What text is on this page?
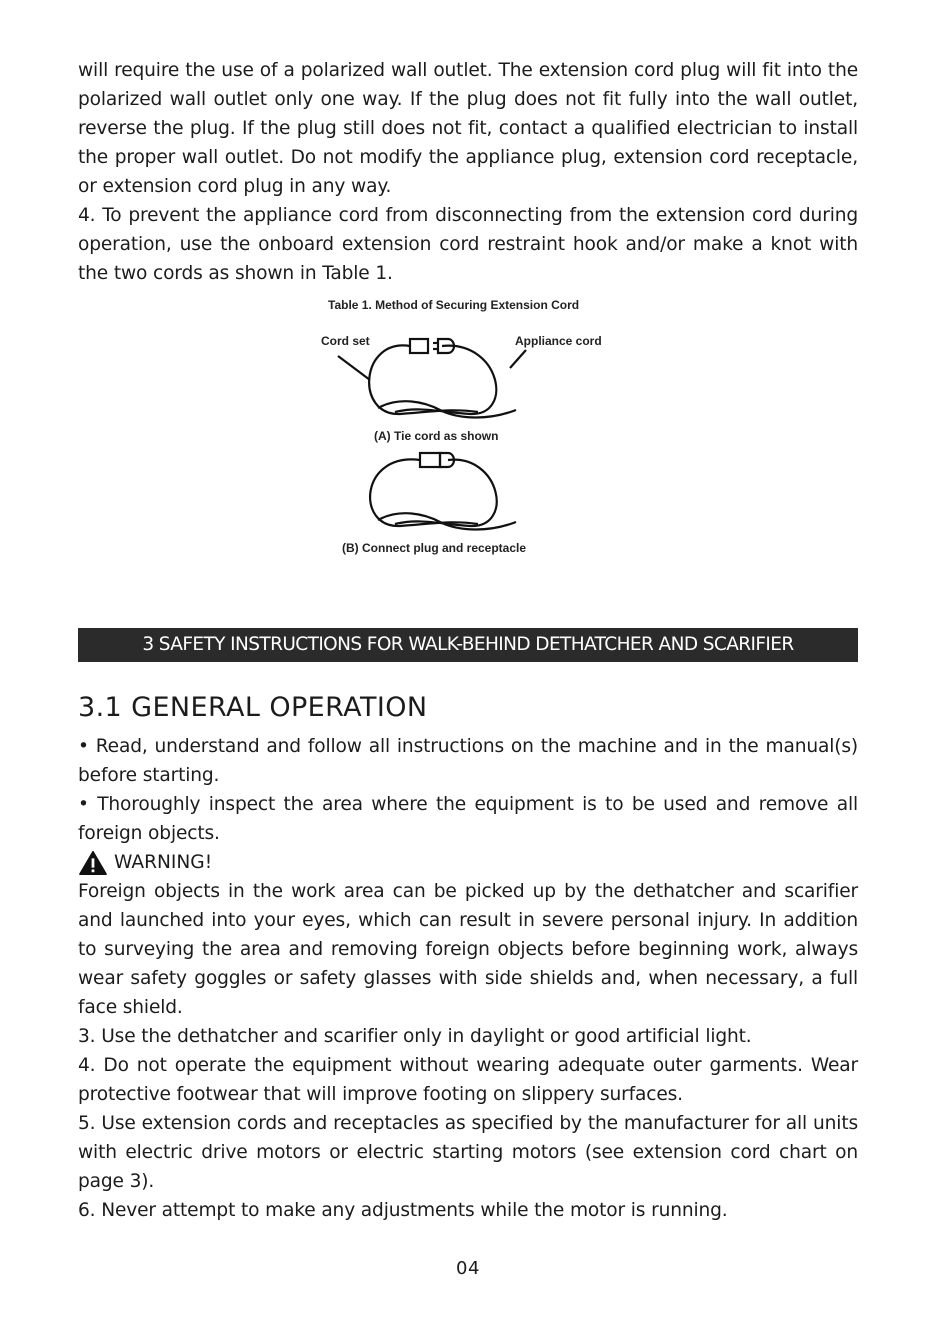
will require the use of a polarized wall outlet. The extension cord plug will fit into the polarized wall outlet only one way. If the plug does not fit fully into the wall outlet, reverse the plug. If the plug still does not fit, contact a qualified electrician to install the proper wall outlet. Do not modify the appliance plug, extension cord receptacle, or extension cord plug in any way.

4. To prevent the appliance cord from disconnecting from the extension cord during operation, use the onboard extension cord restraint hook and/or make a knot with the two cords as shown in Table 1.

Table 1. Method of Securing Extension Cord
Cord set	Appliance cord
(A) Tie cord as shown
(B) Connect plug and receptacle
3 SAFETY INSTRUCTIONS FOR WALK-BEHIND DETHATCHER AND SCARIFIER
3.1 GENERAL OPERATION

• Read, understand and follow all instructions on the machine and in the manual(s) before starting.

• Thoroughly inspect the area where the equipment is to be used and remove all foreign objects.

WARNING!

Foreign objects in the work area can be picked up by the dethatcher and scarifier and launched into your eyes, which can result in severe personal injury. In addition to surveying the area and removing foreign objects before beginning work, always wear safety goggles or safety glasses with side shields and, when necessary, a full face shield.

3. Use the dethatcher and scarifier only in daylight or good artificial light.

4. Do not operate the equipment without wearing adequate outer garments. Wear protective footwear that will improve footing on slippery surfaces.

5. Use extension cords and receptacles as specified by the manufacturer for all units with electric drive motors or electric starting motors (see extension cord chart on page 3).

6. Never attempt to make any adjustments while the motor is running.

04
